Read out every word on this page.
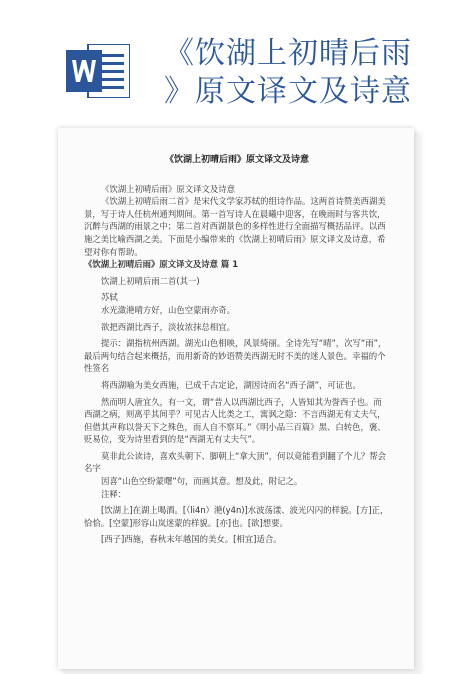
《饮湖上初晴后雨
》原文译文及诗意
《饮湖上初晴后雨》原文译文及诗意

《饮湖上初晴后雨》原文译文及诗意

《饮湖上初晴后雨二首》是宋代文学家苏轼的组诗作品。这两首诗赞美西湖美景，写于诗人任杭州通判期间。第一首写诗人在晨曦中迎客，在晚雨时与客共饮，沉醉与西湖的雨景之中；第二首对西湖景色的多样性进行全面描写概括品评。以西施之美比喻西湖之美。下面是小编带来的《饮湖上初晴后雨》原文译文及诗意，希望对你有帮助。

《饮湖上初晴后雨》原文译文及诗意 篇 1

饮湖上初晴后雨二首(其一)

苏轼

水光潋滟晴方好，山色空蒙雨亦奇。

欲把西湖比西子，淡妆浓抹总相宜。

提示：湖指杭州西湖。湖光山色相映，风景绮丽。全诗先写“晴”，次写“雨”，最后两句结合起来概括，而用新奇的妙语赞美西湖无时不美的迷人景色。幸福的个性签名

将西湖喻为美女西施，已成千古定论，湖因诗而名“西子湖”，可证也。

然而明人唐宜久，有一文，谓“昔人以西湖比西子，人皆知其为誉西子也。而西湖之病，则离乎其间乎？可见古人比类之工，寓讽之隐：不言西湖无有丈夫气，但借其声称以誉天下之殊色，而人自不察耳。”《明小品三百篇》黑、白转色，褒、贬易位，变为诗里看到的是“西湖无有丈夫气”。

莫非此公读诗，喜欢头朝下、脚朝上“拿大顶”，何以竟能看到翻了个儿？帮会名字

因喜“山色空纷蒙曙”句，而画其意。想及此，附记之。

注释：

[饮湖上]在湖上喝酒。[（li4n）滟(y4n)]水波荡漾、波光闪闪的样貌。[方]正，恰恰。[空蒙]形容山岚迷蒙的样貌。[亦]也。[欲]想要。

[西子]西施，春秋末年越国的美女。[相宜]适合。
